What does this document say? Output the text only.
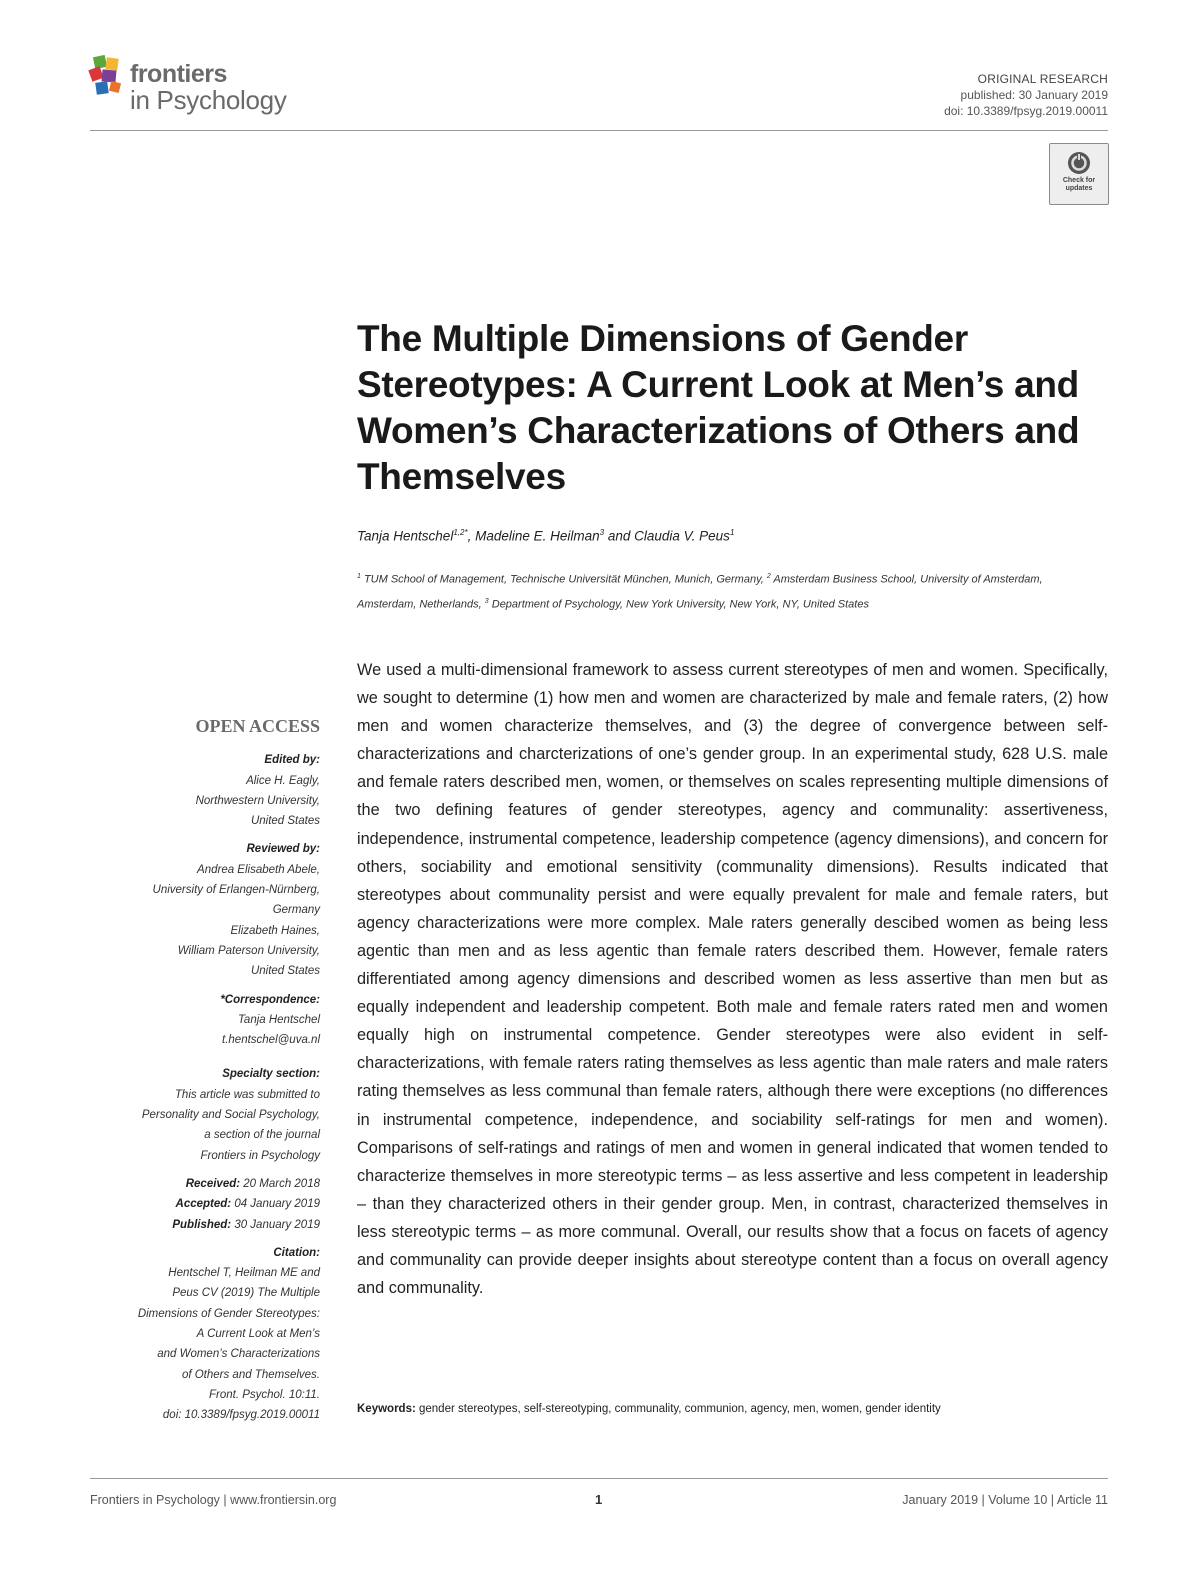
frontiers
in Psychology
ORIGINAL RESEARCH
published: 30 January 2019
doi: 10.3389/fpsyg.2019.00011
Check for
updates
The Multiple Dimensions of Gender Stereotypes: A Current Look at Men’s and Women’s Characterizations of Others and Themselves
Tanja Hentschel$^{1,2*}$, Madeline E. Heilman$^3$ and Claudia V. Peus$^1$
$^1$ TUM School of Management, Technische Universität München, Munich, Germany, $^2$ Amsterdam Business School, University of Amsterdam, Amsterdam, Netherlands, $^3$ Department of Psychology, New York University, New York, NY, United States

We used a multi-dimensional framework to assess current stereotypes of men and women. Specifically, we sought to determine (1) how men and women are characterized by male and female raters, (2) how men and women characterize themselves, and (3) the degree of convergence between self-characterizations and charcterizations of one’s gender group. In an experimental study, 628 U.S. male and female raters described men, women, or themselves on scales representing multiple dimensions of the two defining features of gender stereotypes, agency and communality: assertiveness, independence, instrumental competence, leadership competence (agency dimensions), and concern for others, sociability and emotional sensitivity (communality dimensions). Results indicated that stereotypes about communality persist and were equally prevalent for male and female raters, but agency characterizations were more complex. Male raters generally descibed women as being less agentic than men and as less agentic than female raters described them. However, female raters differentiated among agency dimensions and described women as less assertive than men but as equally independent and leadership competent. Both male and female raters rated men and women equally high on instrumental competence. Gender stereotypes were also evident in self-characterizations, with female raters rating themselves as less agentic than male raters and male raters rating themselves as less communal than female raters, although there were exceptions (no differences in instrumental competence, independence, and sociability self-ratings for men and women). Comparisons of self-ratings and ratings of men and women in general indicated that women tended to characterize themselves in more stereotypic terms – as less assertive and less competent in leadership – than they characterized others in their gender group. Men, in contrast, characterized themselves in less stereotypic terms – as more communal. Overall, our results show that a focus on facets of agency and communality can provide deeper insights about stereotype content than a focus on overall agency and communality.

Keywords: gender stereotypes, self-stereotyping, communality, communion, agency, men, women, gender identity
OPEN ACCESS
Edited by:
Alice H. Eagly,
Northwestern University,
United States
Reviewed by:
Andrea Elisabeth Abele,
University of Erlangen-Nürnberg,
Germany
Elizabeth Haines,
William Paterson University,
United States
*Correspondence:
Tanja Hentschel
t.hentschel@uva.nl
Specialty section:
This article was submitted to
Personality and Social Psychology,
a section of the journal
Frontiers in Psychology
Received: 20 March 2018
Accepted: 04 January 2019
Published: 30 January 2019
Citation:
Hentschel T, Heilman ME and
Peus CV (2019) The Multiple
Dimensions of Gender Stereotypes:
A Current Look at Men’s
and Women’s Characterizations
of Others and Themselves.
Front. Psychol. 10:11.
doi: 10.3389/fpsyg.2019.00011
Frontiers in Psychology | www.frontiersin.org	1	January 2019 | Volume 10 | Article 11
